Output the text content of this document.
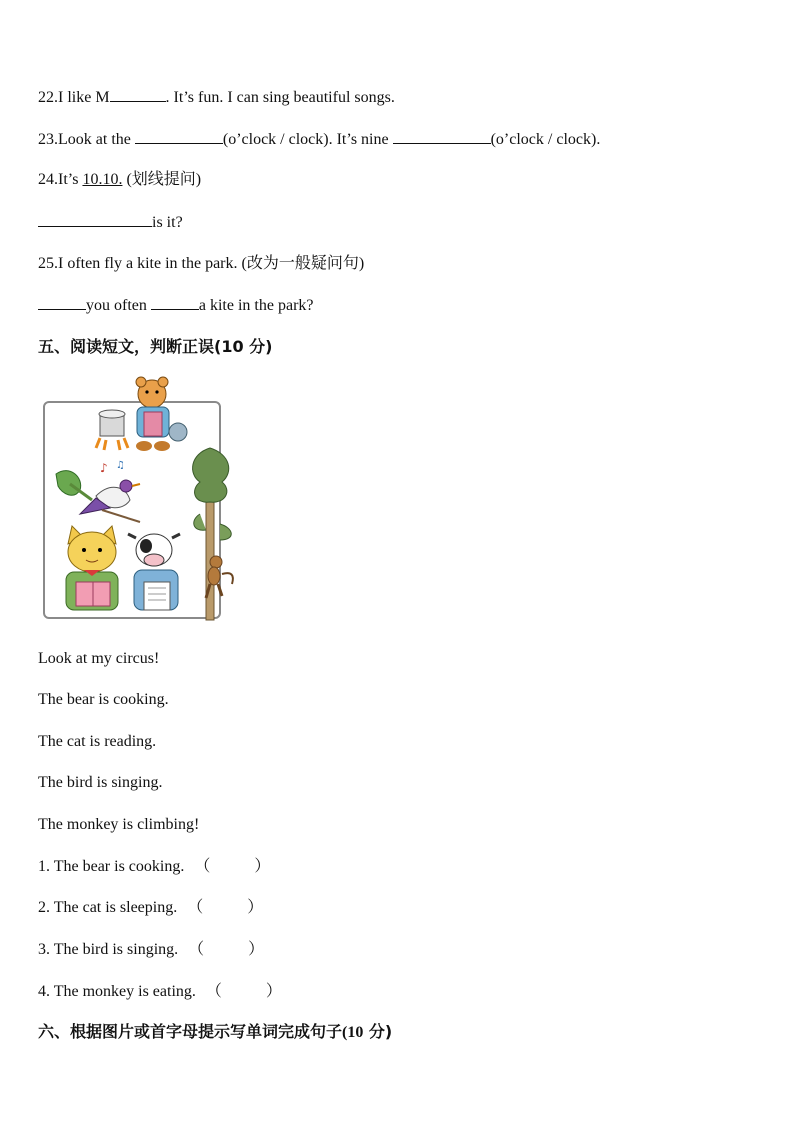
22.I like M	. It’s fun. I can sing beautiful songs.
23.Look at the	(o’clock / clock). It’s nine	(o’clock / clock).
24.It’s 10.10. (划线提问)
is it?
25.I often fly a kite in the park. (改为一般疑问句)
you often	a kite in the park?
五、阅读短文，判断正误(10 分)
♪ ♫
Look at my circus!
The bear is cooking.
The cat is reading.
The bird is singing.
The monkey is climbing!
1. The bear is cooking. （	）
2. The cat is sleeping. （	）
3. The bird is singing. （	）
4. The monkey is eating. （	）
六、根据图片或首字母提示写单词完成句子(10 分)
